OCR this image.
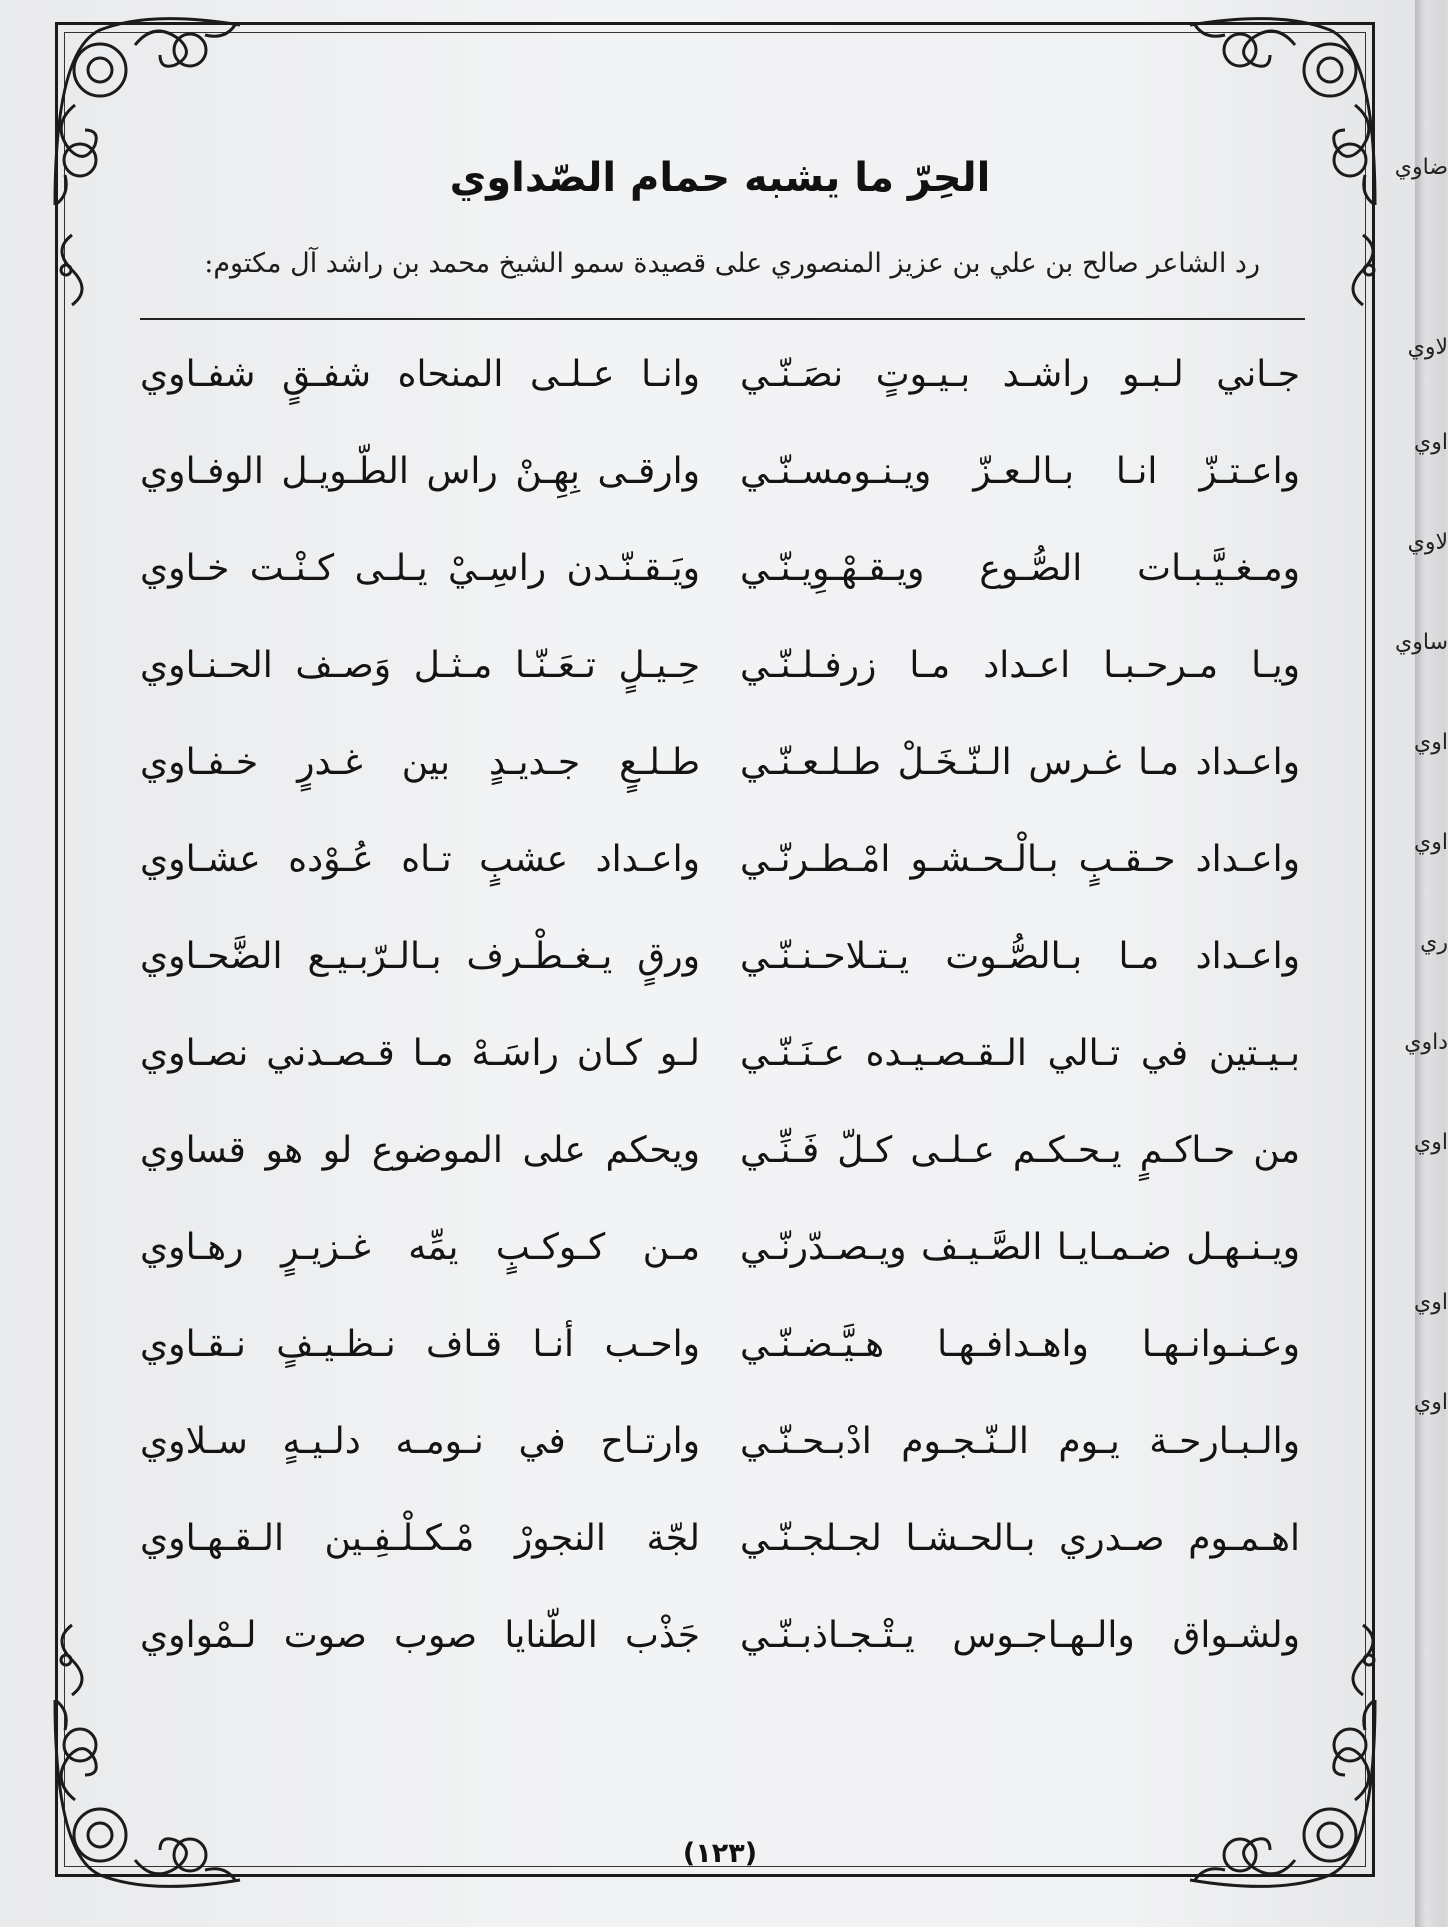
ضاوي
لاوي
اوي
لاوي
ساوي
اوي
اوي
ري
داوي
اوي
اوي
اوي
الحِرّ ما يشبه حمام الصّداوي
رد الشاعر صالح بن علي بن عزيز المنصوري على قصيدة سمو الشيخ محمد بن راشد آل مكتوم:
جـاني لـبـو راشـد بـيـوتٍ نصَـنّـي
وانـا عـلـى المنحاه شفـقٍ شفـاوي
واعـتـزّ انـا بـالـعـزّ ويـنـومسـنّـي
وارقـى بِهِـنْ راس الطّـويـل الوفـاوي
ومـغـيَّـبـات الصُّـوع ويـقـهْـوِيـنّـي
ويَـقـنّـدن راسِـيْ يـلـى كـنْـت خـاوي
ويـا مـرحـبـا اعـداد مـا زرفـلـنّـي
حِـيـلٍ تـعَـنّـا مـثـل وَصـف الحـنـاوي
واعـداد مـا غـرس الـنّـخَـلْ طـلـعـنّـي
طـلـعٍ جـديـدٍ بين غـدرٍ خـفـاوي
واعـداد حـقـبٍ بـالْـحـشـو امْـطـرنّـي
واعـداد عشبٍ تـاه عُـوْده عشـاوي
واعـداد مـا بـالصُّـوت يـتـلاحـنـنّـي
ورقٍ يـغـطْـرف بـالـرّبـيـع الضَّحـاوي
بـيـتين في تـالي الـقـصـيـده عـنَـنّـي
لـو كـان راسَـهْ مـا قـصـدني نصـاوي
من حـاكـمٍ يـحـكـم عـلـى كـلّ فَـنِّـي
ويحكم على الموضوع لو هو قساوي
ويـنـهـل ضـمـايـا الصَّـيـف ويـصـدّرنّـي
مـن كـوكـبٍ يمِّه غـزيـرٍ رهـاوي
وعـنـوانـهـا واهـدافـهـا هـيَّـضـنّـي
واحـب أنـا قـاف نـظـيـفٍ نـقـاوي
والـبـارحـة يـوم الـنّـجـوم ادْبـحـنّـي
وارتـاح في نـومـه دلـيـهٍ سـلاوي
اهـمـوم صـدري بـالحـشـا لجـلجـنّـي
لجّة النجورْ مْـكـلْـفِـين الـقـهـاوي
ولشـواق والـهـاجـوس يـتْـجـاذبـنّـي
جَذْب الطّنايا صوب صوت لـمْواوي
(١٢٣)
